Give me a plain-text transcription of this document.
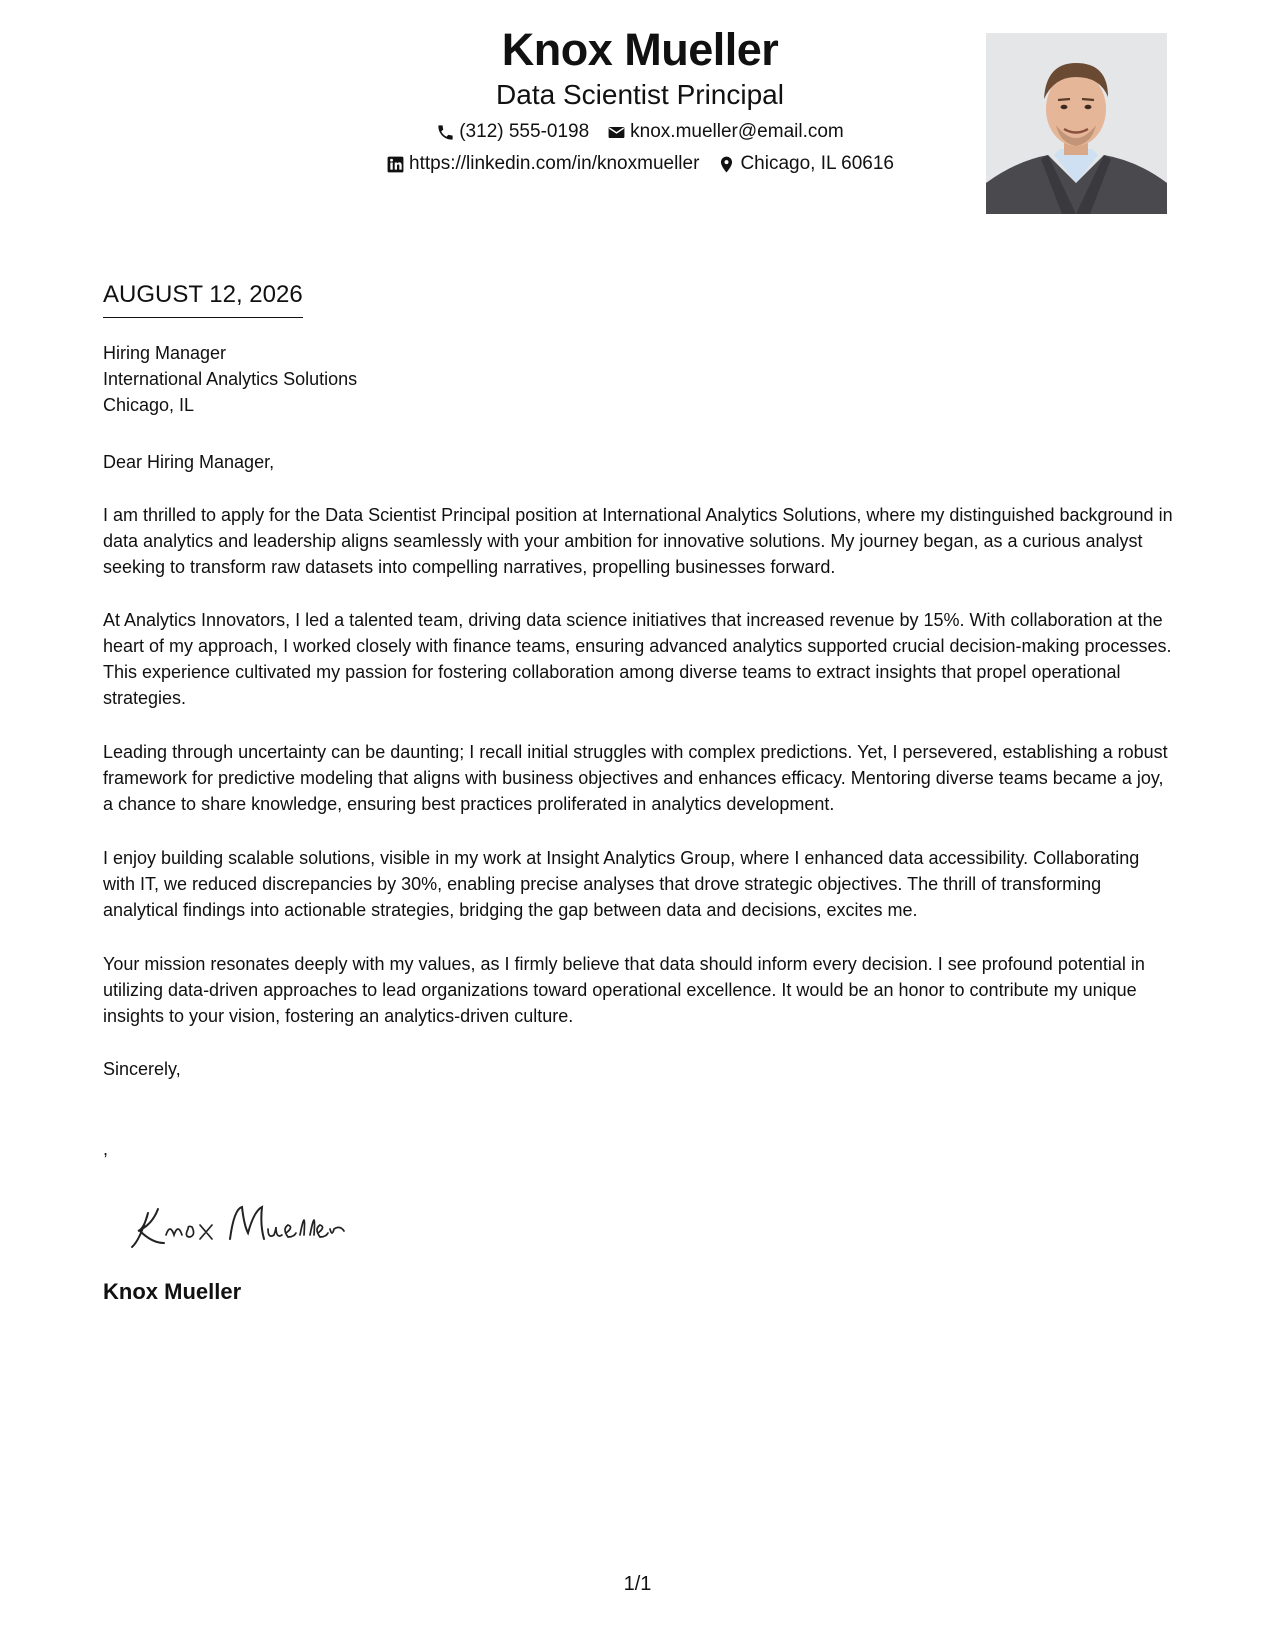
Knox Mueller
Data Scientist Principal
(312) 555-0198 knox.mueller@email.com
https://linkedin.com/in/knoxmueller Chicago, IL 60616
AUGUST 12, 2026
Hiring Manager
International Analytics Solutions
Chicago, IL

Dear Hiring Manager,

I am thrilled to apply for the Data Scientist Principal position at International Analytics Solutions, where my distinguished background in data analytics and leadership aligns seamlessly with your ambition for innovative solutions. My journey began, as a curious analyst seeking to transform raw datasets into compelling narratives, propelling businesses forward.

At Analytics Innovators, I led a talented team, driving data science initiatives that increased revenue by 15%. With collaboration at the heart of my approach, I worked closely with finance teams, ensuring advanced analytics supported crucial decision-making processes. This experience cultivated my passion for fostering collaboration among diverse teams to extract insights that propel operational strategies.

Leading through uncertainty can be daunting; I recall initial struggles with complex predictions. Yet, I persevered, establishing a robust framework for predictive modeling that aligns with business objectives and enhances efficacy. Mentoring diverse teams became a joy, a chance to share knowledge, ensuring best practices proliferated in analytics development.

I enjoy building scalable solutions, visible in my work at Insight Analytics Group, where I enhanced data accessibility. Collaborating with IT, we reduced discrepancies by 30%, enabling precise analyses that drove strategic objectives. The thrill of transforming analytical findings into actionable strategies, bridging the gap between data and decisions, excites me.

Your mission resonates deeply with my values, as I firmly believe that data should inform every decision. I see profound potential in utilizing data-driven approaches to lead organizations toward operational excellence. It would be an honor to contribute my unique insights to your vision, fostering an analytics-driven culture.

Sincerely,

,

Knox Mueller
1/1
